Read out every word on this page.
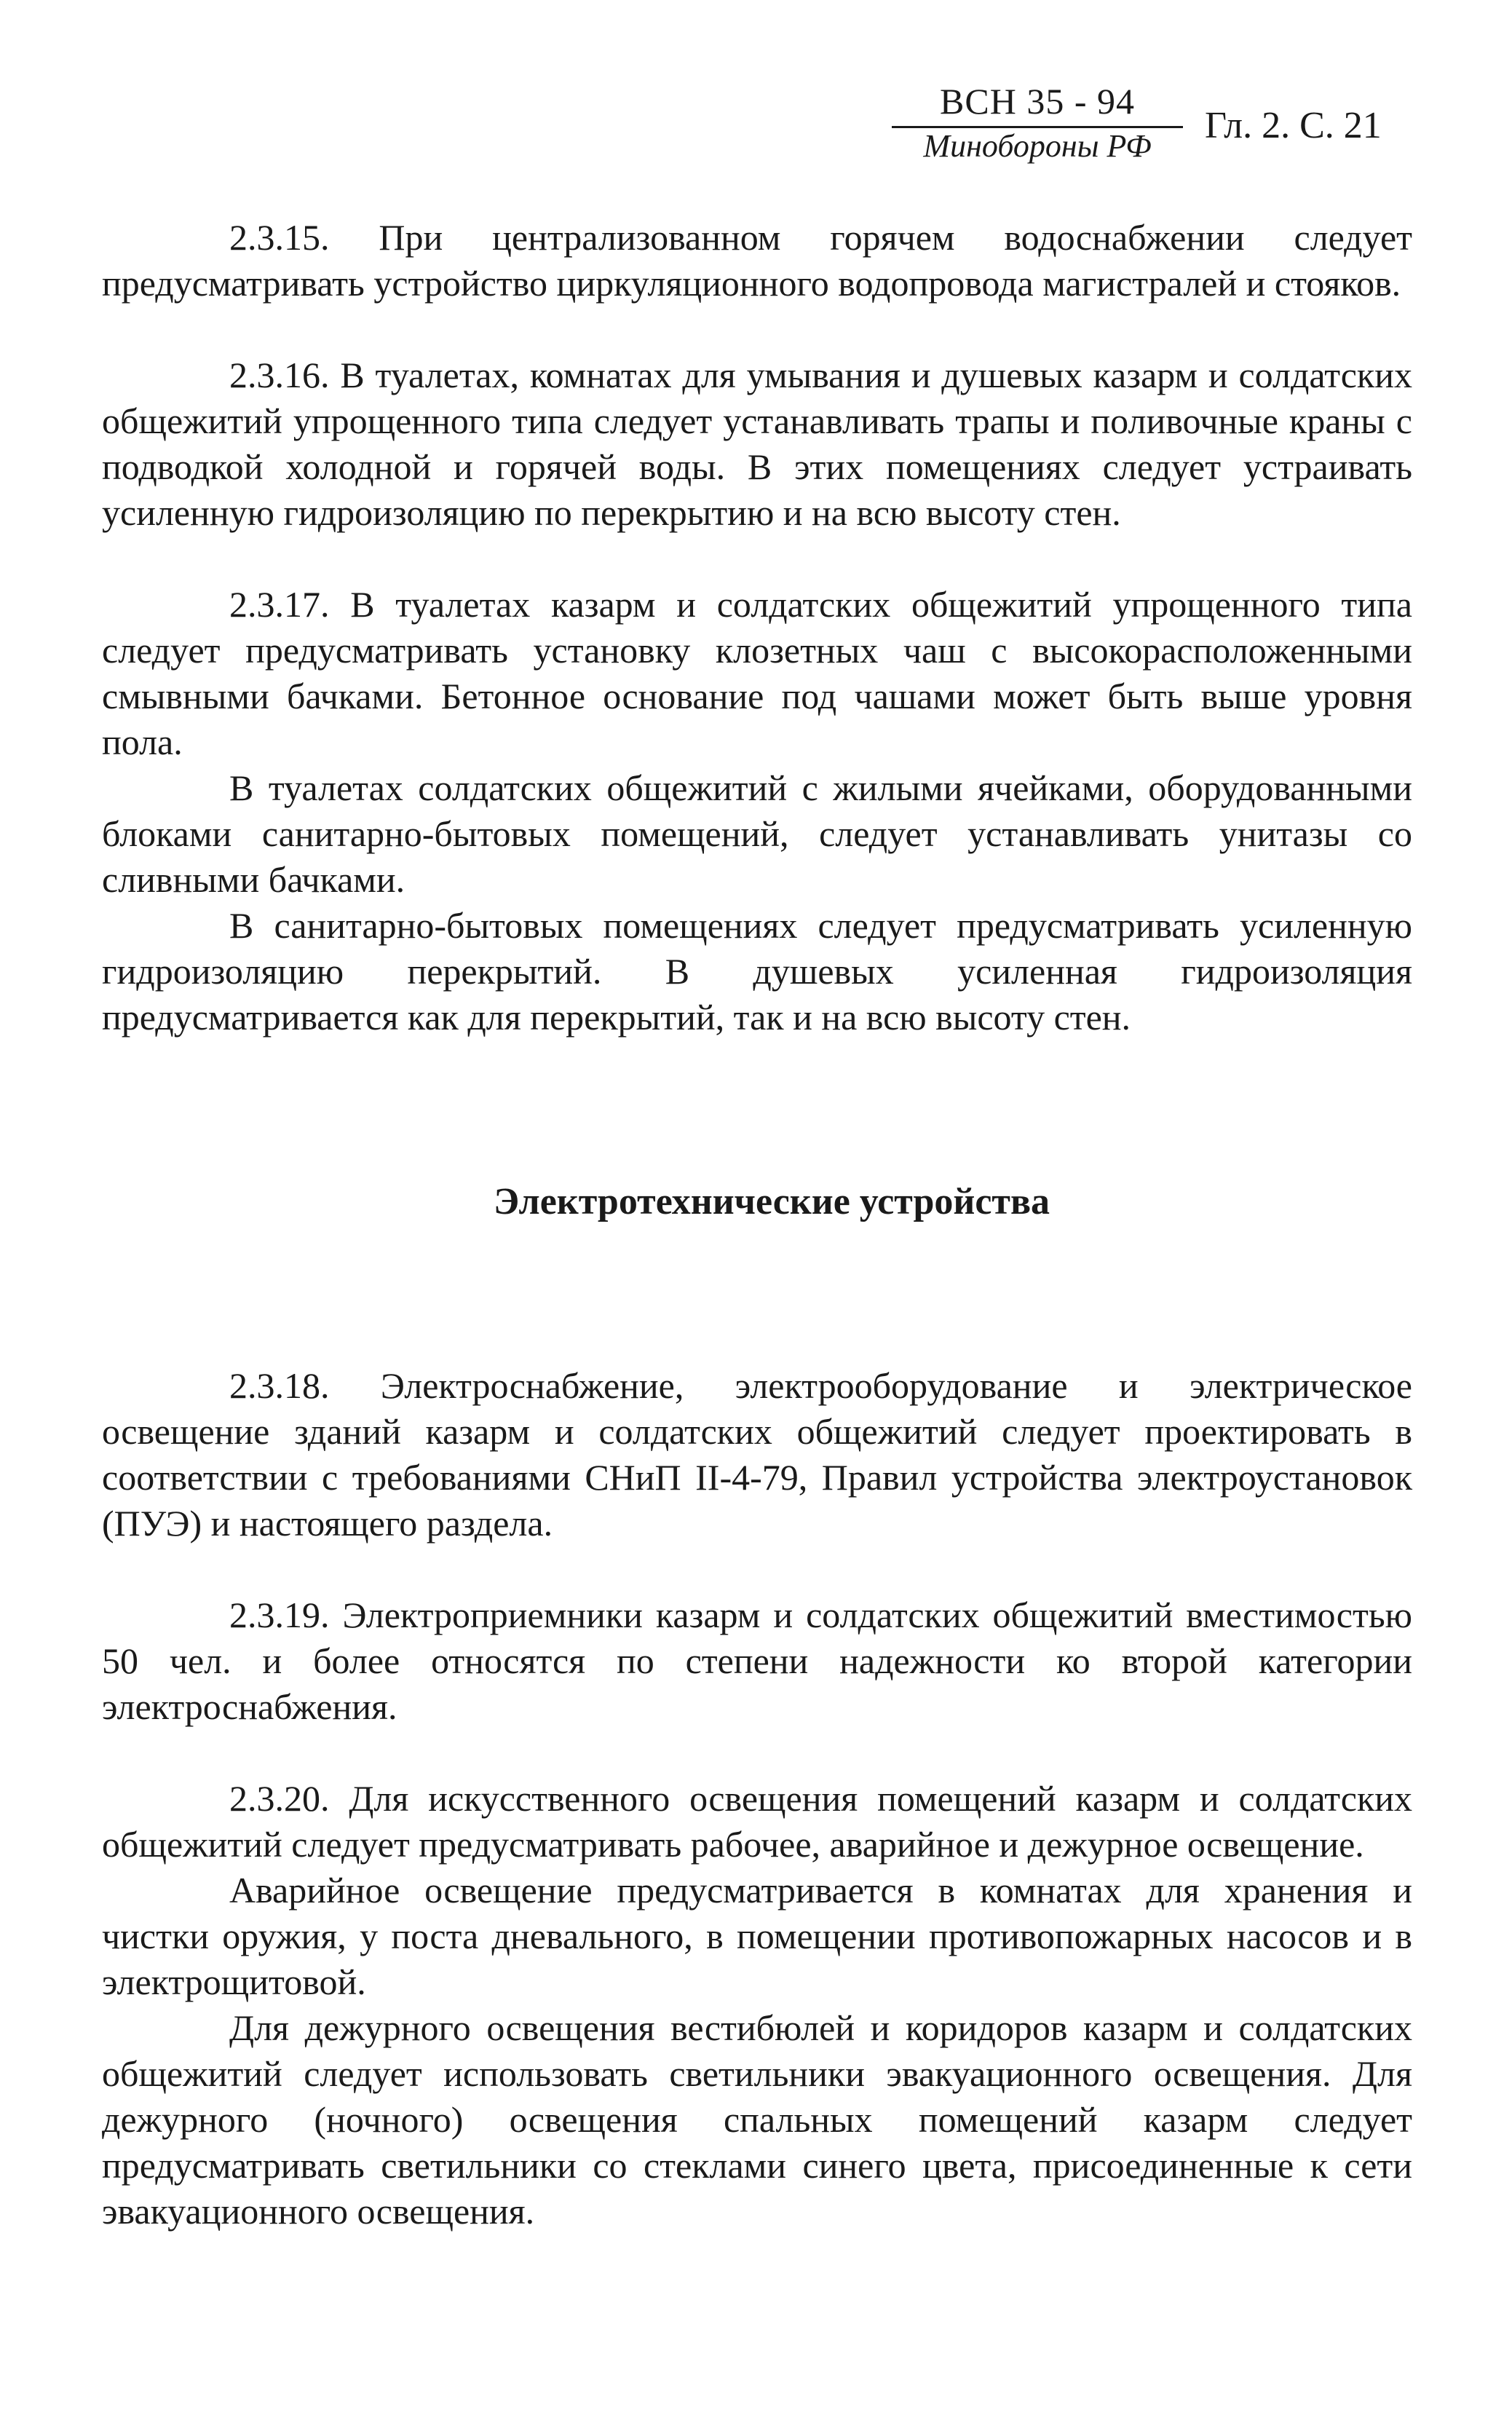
ВСН 35 - 94
Минобороны РФ	Гл. 2. С. 21

2.3.15. При централизованном горячем водоснабжении следует предусматривать устройство циркуляционного водопровода магистралей и стояков.

2.3.16. В туалетах, комнатах для умывания и душевых казарм и солдатских общежитий упрощенного типа следует устанавливать трапы и поливочные краны с подводкой холодной и горячей воды. В этих помещениях следует устраивать усиленную гидроизоляцию по перекрытию и на всю высоту стен.

2.3.17. В туалетах казарм и солдатских общежитий упрощенного типа следует предусматривать установку клозетных чаш с высокорасположенными смывными бачками. Бетонное основание под чашами может быть выше уровня пола.

В туалетах солдатских общежитий с жилыми ячейками, оборудованными блоками санитарно-бытовых помещений, следует устанавливать унитазы со сливными бачками.

В санитарно-бытовых помещениях следует предусматривать усиленную гидроизоляцию перекрытий. В душевых усиленная гидроизоляция предусматривается как для перекрытий, так и на всю высоту стен.

Электротехнические устройства

2.3.18. Электроснабжение, электрооборудование и электрическое освещение зданий казарм и солдатских общежитий следует проектировать в соответствии с требованиями СНиП II-4-79, Правил устройства электроустановок (ПУЭ) и настоящего раздела.

2.3.19. Электроприемники казарм и солдатских общежитий вместимостью 50 чел. и более относятся по степени надежности ко второй категории электроснабжения.

2.3.20. Для искусственного освещения помещений казарм и солдатских общежитий следует предусматривать рабочее, аварийное и дежурное освещение.

Аварийное освещение предусматривается в комнатах для хранения и чистки оружия, у поста дневального, в помещении противопожарных насосов и в электрощитовой.

Для дежурного освещения вестибюлей и коридоров казарм и солдатских общежитий следует использовать светильники эвакуационного освещения. Для дежурного (ночного) освещения спальных помещений казарм следует предусматривать светильники со стеклами синего цвета, присоединенные к сети эвакуационного освещения.
